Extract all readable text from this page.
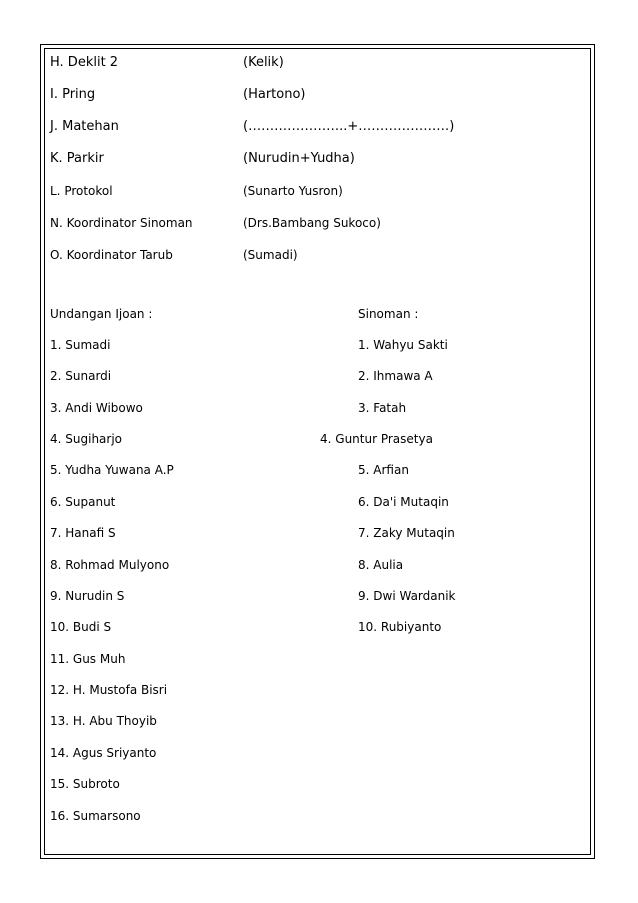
H. Deklit 2	(Kelik)
I. Pring	(Hartono)
J. Matehan	(…………………..+…………………)
K. Parkir	(Nurudin+Yudha)
L. Protokol	(Sunarto Yusron)
N. Koordinator Sinoman	(Drs.Bambang Sukoco)
O. Koordinator Tarub	(Sumadi)
Undangan Ijoan :	Sinoman :
1. Sumadi
2. Sunardi
3. Andi Wibowo
4. Sugiharjo
5. Yudha Yuwana A.P
6. Supanut
7. Hanafi S
8. Rohmad Mulyono
9. Nurudin S
10. Budi S
11. Gus Muh
12. H. Mustofa Bisri
13. H. Abu Thoyib
14. Agus Sriyanto
15. Subroto
16. Sumarsono
1. Wahyu Sakti
2. Ihmawa A
3. Fatah
4. Guntur Prasetya
5. Arfian
6. Da'i Mutaqin
7. Zaky Mutaqin
8. Aulia
9. Dwi Wardanik
10. Rubiyanto
